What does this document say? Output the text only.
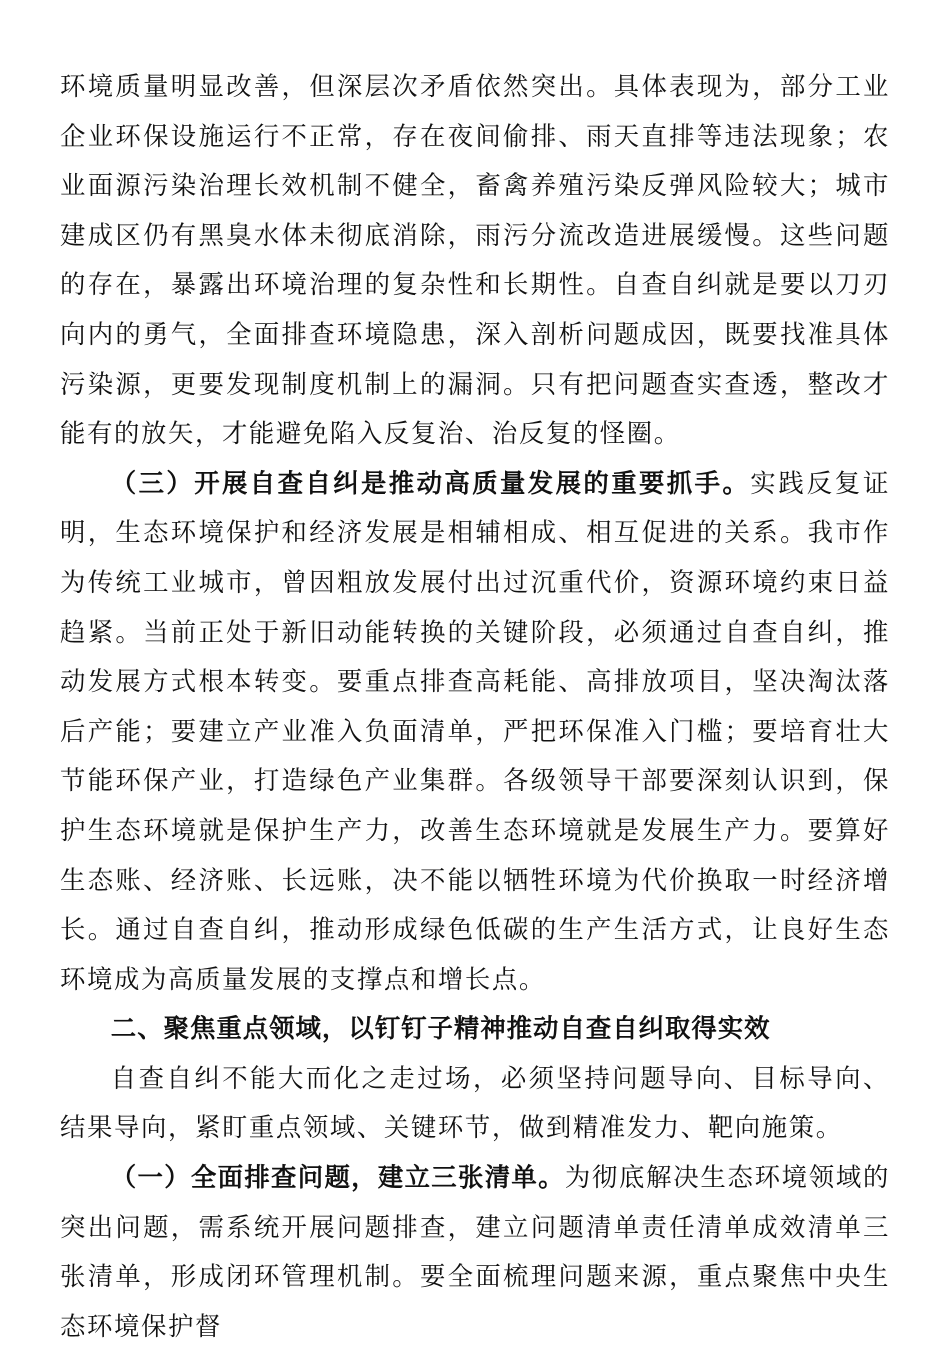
环境质量明显改善，但深层次矛盾依然突出。具体表现为，部分工业企业环保设施运行不正常，存在夜间偷排、雨天直排等违法现象；农业面源污染治理长效机制不健全，畜禽养殖污染反弹风险较大；城市建成区仍有黑臭水体未彻底消除，雨污分流改造进展缓慢。这些问题的存在，暴露出环境治理的复杂性和长期性。自查自纠就是要以刀刃向内的勇气，全面排查环境隐患，深入剖析问题成因，既要找准具体污染源，更要发现制度机制上的漏洞。只有把问题查实查透，整改才能有的放矢，才能避免陷入反复治、治反复的怪圈。

（三）开展自查自纠是推动高质量发展的重要抓手。实践反复证明，生态环境保护和经济发展是相辅相成、相互促进的关系。我市作为传统工业城市，曾因粗放发展付出过沉重代价，资源环境约束日益趋紧。当前正处于新旧动能转换的关键阶段，必须通过自查自纠，推动发展方式根本转变。要重点排查高耗能、高排放项目，坚决淘汰落后产能；要建立产业准入负面清单，严把环保准入门槛；要培育壮大节能环保产业，打造绿色产业集群。各级领导干部要深刻认识到，保护生态环境就是保护生产力，改善生态环境就是发展生产力。要算好生态账、经济账、长远账，决不能以牺牲环境为代价换取一时经济增长。通过自查自纠，推动形成绿色低碳的生产生活方式，让良好生态环境成为高质量发展的支撑点和增长点。

二、聚焦重点领域，以钉钉子精神推动自查自纠取得实效

自查自纠不能大而化之走过场，必须坚持问题导向、目标导向、结果导向，紧盯重点领域、关键环节，做到精准发力、靶向施策。

（一）全面排查问题，建立三张清单。为彻底解决生态环境领域的突出问题，需系统开展问题排查，建立问题清单责任清单成效清单三张清单，形成闭环管理机制。要全面梳理问题来源，重点聚焦中央生态环境保护督
